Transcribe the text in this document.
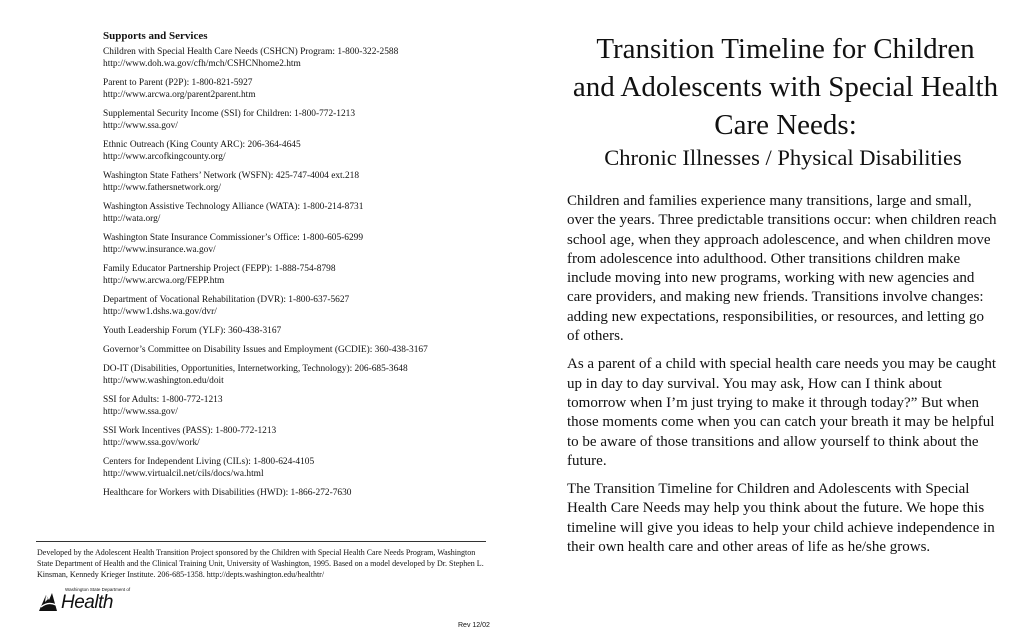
Supports and Services
Children with Special Health Care Needs (CSHCN) Program: 1-800-322-2588
http://www.doh.wa.gov/cfh/mch/CSHCNhome2.htm
Parent to Parent (P2P): 1-800-821-5927
http://www.arcwa.org/parent2parent.htm
Supplemental Security Income (SSI) for Children: 1-800-772-1213
http://www.ssa.gov/
Ethnic Outreach (King County ARC): 206-364-4645
http://www.arcofkingcounty.org/
Washington State Fathers’ Network (WSFN): 425-747-4004 ext.218
http://www.fathersnetwork.org/
Washington Assistive Technology Alliance (WATA): 1-800-214-8731
http://wata.org/
Washington State Insurance Commissioner’s Office: 1-800-605-6299
http://www.insurance.wa.gov/
Family Educator Partnership Project (FEPP): 1-888-754-8798
http://www.arcwa.org/FEPP.htm
Department of Vocational Rehabilitation (DVR): 1-800-637-5627
http://www1.dshs.wa.gov/dvr/
Youth Leadership Forum (YLF): 360-438-3167
Governor’s Committee on Disability Issues and Employment (GCDIE): 360-438-3167
DO-IT (Disabilities, Opportunities, Internetworking, Technology): 206-685-3648
http://www.washington.edu/doit
SSI for Adults: 1-800-772-1213
http://www.ssa.gov/
SSI Work Incentives (PASS): 1-800-772-1213
http://www.ssa.gov/work/
Centers for Independent Living (CILs): 1-800-624-4105
http://www.virtualcil.net/cils/docs/wa.html
Healthcare for Workers with Disabilities (HWD): 1-866-272-7630
Developed by the Adolescent Health Transition Project sponsored by the Children with Special Health Care Needs Program, Washington State Department of Health and the Clinical Training Unit, University of Washington, 1995. Based on a model developed by Dr. Stephen L. Kinsman, Kennedy Krieger Institute. 206-685-1358. http://depts.washington.edu/healthtr/
Washington State Department of
Health
Transition Timeline for Children and Adolescents with Special Health Care Needs:
Chronic Illnesses / Physical Disabilities

Children and families experience many transitions, large and small, over the years. Three predictable transitions occur: when children reach school age, when they approach adolescence, and when children move from adolescence into adulthood. Other transitions children make include moving into new programs, working with new agencies and care providers, and making new friends. Transitions involve changes: adding new expectations, responsibilities, or resources, and letting go of others.

As a parent of a child with special health care needs you may be caught up in day to day survival. You may ask, How can I think about tomorrow when I’m just trying to make it through today?” But when those moments come when you can catch your breath it may be helpful to be aware of those transitions and allow yourself to think about the future.

The Transition Timeline for Children and Adolescents with Special Health Care Needs may help you think about the future. We hope this timeline will give you ideas to help your child achieve independence in their own health care and other areas of life as he/she grows.

Rev 12/02
